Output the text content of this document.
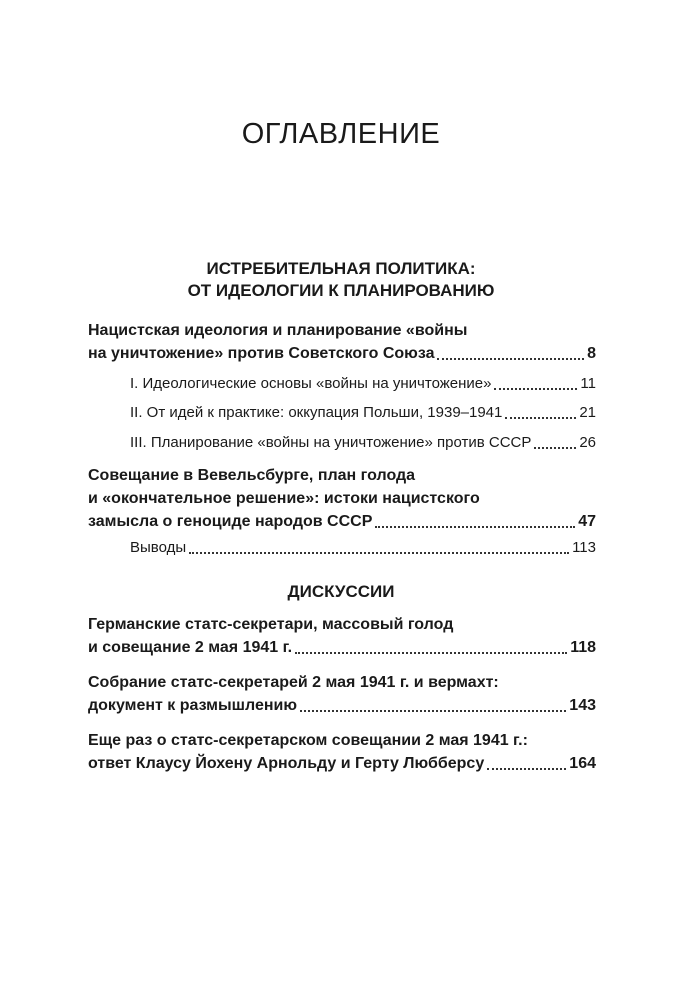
ОГЛАВЛЕНИЕ
ИСТРЕБИТЕЛЬНАЯ ПОЛИТИКА:
ОТ ИДЕОЛОГИИ К ПЛАНИРОВАНИЮ
Нацистская идеология и планирование «войны
на уничтожение» против Советского Союза	8
I. Идеологические основы «войны на уничтожение»	11
II. От идей к практике: оккупация Польши, 1939–1941	21
III. Планирование «войны на уничтожение» против СССР	26
Совещание в Вевельсбурге, план голода
и «окончательное решение»: истоки нацистского
замысла о геноциде народов СССР	47
Выводы	113
ДИСКУССИИ
Германские статс-секретари, массовый голод
и совещание 2 мая 1941 г.	118
Собрание статс-секретарей 2 мая 1941 г. и вермахт:
документ к размышлению	143
Еще раз о статс-секретарском совещании 2 мая 1941 г.:
ответ Клаусу Йохену Арнольду и Герту Любберсу	164
